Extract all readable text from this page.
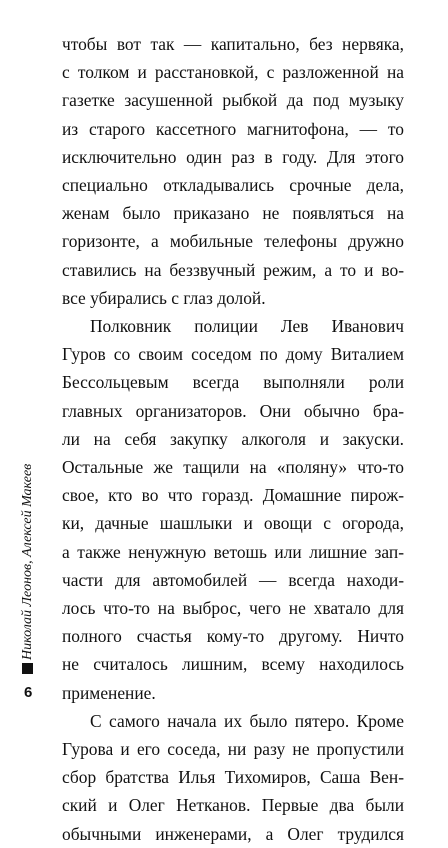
чтобы вот так — капитально, без нервяка,
с толком и расстановкой, с разложенной на
газетке засушенной рыбкой да под музыку
из старого кассетного магнитофона, — то
исключительно один раз в году. Для этого
специально откладывались срочные дела,
женам было приказано не появляться на
горизонте, а мобильные телефоны дружно
ставились на беззвучный режим, а то и во-
все убирались с глаз долой.

Полковник полиции Лев Иванович
Гуров со своим соседом по дому Виталием
Бессольцевым всегда выполняли роли
главных организаторов. Они обычно бра-
ли на себя закупку алкоголя и закуски.
Остальные же тащили на «поляну» что-то
свое, кто во что горазд. Домашние пирож-
ки, дачные шашлыки и овощи с огорода,
а также ненужную ветошь или лишние зап-
части для автомобилей — всегда находи-
лось что-то на выброс, чего не хватало для
полного счастья кому-то другому. Ничто
не считалось лишним, всему находилось
применение.

С самого начала их было пятеро. Кроме
Гурова и его соседа, ни разу не пропустили
сбор братства Илья Тихомиров, Саша Вен-
ский и Олег Нетканов. Первые два были
обычными инженерами, а Олег трудился

Николай Леонов, Алексей Макеев
6
